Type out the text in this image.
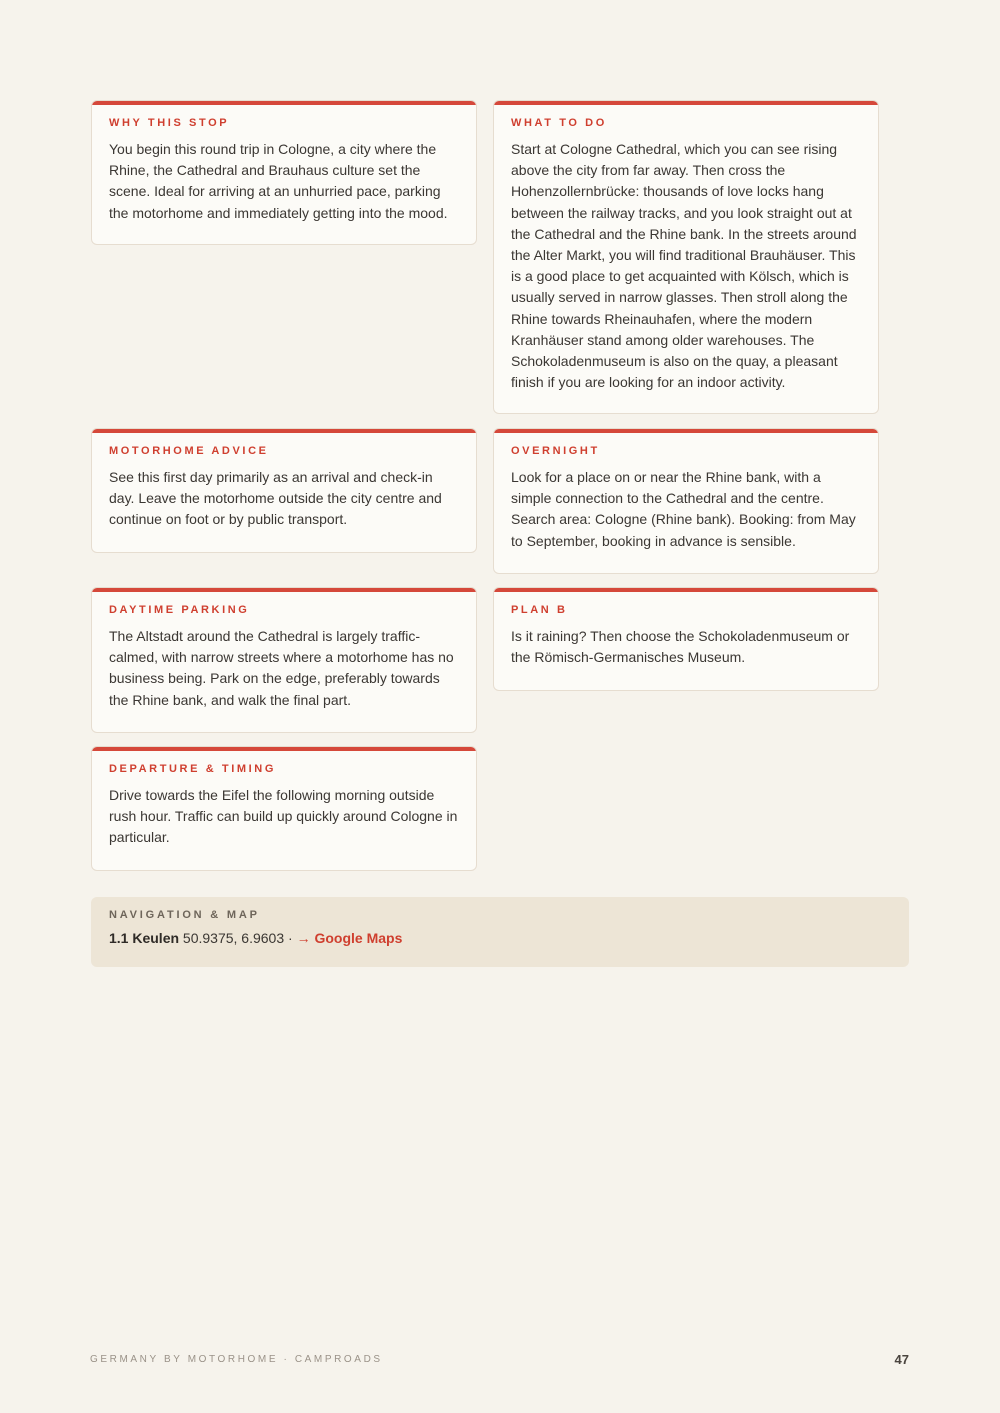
WHY THIS STOP

You begin this round trip in Cologne, a city where the Rhine, the Cathedral and Brauhaus culture set the scene. Ideal for arriving at an unhurried pace, parking the motorhome and immediately getting into the mood.

WHAT TO DO

Start at Cologne Cathedral, which you can see rising above the city from far away. Then cross the Hohenzollernbrücke: thousands of love locks hang between the railway tracks, and you look straight out at the Cathedral and the Rhine bank. In the streets around the Alter Markt, you will find traditional Brauhäuser. This is a good place to get acquainted with Kölsch, which is usually served in narrow glasses. Then stroll along the Rhine towards Rheinauhafen, where the modern Kranhäuser stand among older warehouses. The Schokoladenmuseum is also on the quay, a pleasant finish if you are looking for an indoor activity.

MOTORHOME ADVICE

See this first day primarily as an arrival and check-in day. Leave the motorhome outside the city centre and continue on foot or by public transport.

OVERNIGHT

Look for a place on or near the Rhine bank, with a simple connection to the Cathedral and the centre. Search area: Cologne (Rhine bank). Booking: from May to September, booking in advance is sensible.

DAYTIME PARKING

The Altstadt around the Cathedral is largely traffic-calmed, with narrow streets where a motorhome has no business being. Park on the edge, preferably towards the Rhine bank, and walk the final part.

PLAN B

Is it raining? Then choose the Schokoladenmuseum or the Römisch-Germanisches Museum.

DEPARTURE & TIMING

Drive towards the Eifel the following morning outside rush hour. Traffic can build up quickly around Cologne in particular.

NAVIGATION & MAP
1.1 Keulen 50.9375, 6.9603 · → Google Maps
GERMANY BY MOTORHOME · CAMPROADS	47
